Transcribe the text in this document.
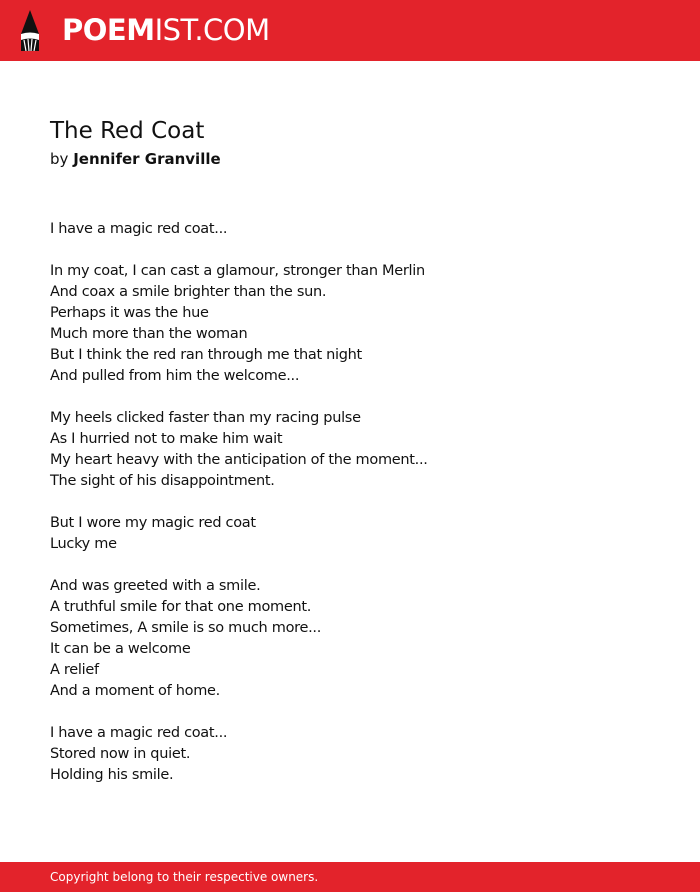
POEMIST.COM
The Red Coat
by Jennifer Granville
I have a magic red coat...
In my coat, I can cast a glamour, stronger than Merlin
And coax a smile brighter than the sun.
Perhaps it was the hue
Much more than the woman
But I think the red ran through me that night
And pulled from him the welcome...
My heels clicked faster than my racing pulse
As I hurried not to make him wait
My heart heavy with the anticipation of the moment...
The sight of his disappointment.
But I wore my magic red coat
Lucky me
And was greeted with a smile.
A truthful smile for that one moment.
Sometimes, A smile is so much more...
It can be a welcome
A relief
And a moment of home.
I have a magic red coat...
Stored now in quiet.
Holding his smile.
Copyright belong to their respective owners.
